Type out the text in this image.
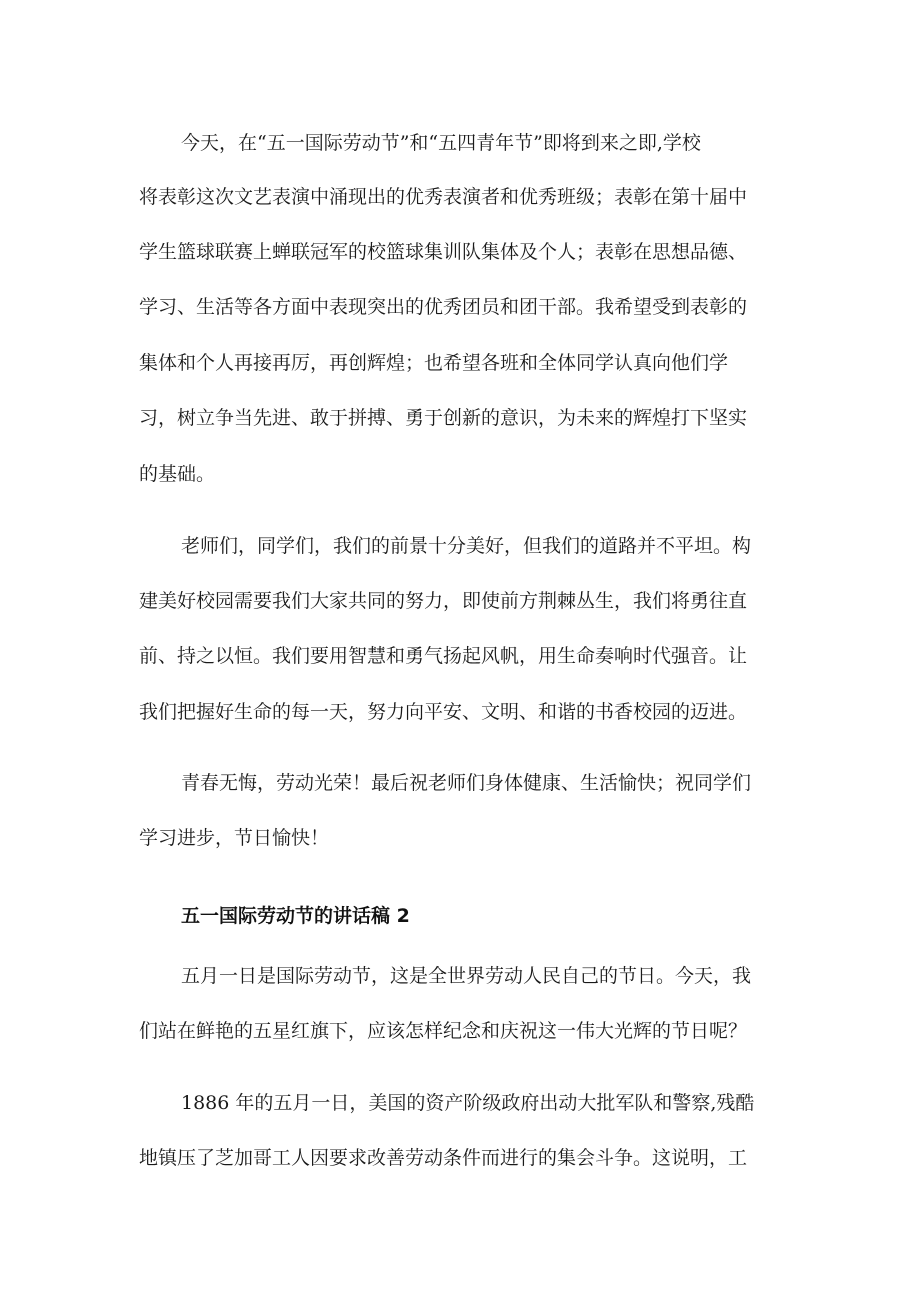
今天，在“五一国际劳动节”和“五四青年节”即将到来之即,学校
将表彰这次文艺表演中涌现出的优秀表演者和优秀班级；表彰在第十届中
学生篮球联赛上蝉联冠军的校篮球集训队集体及个人；表彰在思想品德、
学习、生活等各方面中表现突出的优秀团员和团干部。我希望受到表彰的
集体和个人再接再厉，再创辉煌；也希望各班和全体同学认真向他们学
习，树立争当先进、敢于拼搏、勇于创新的意识，为未来的辉煌打下坚实
的基础。
老师们，同学们，我们的前景十分美好，但我们的道路并不平坦。构
建美好校园需要我们大家共同的努力，即使前方荆棘丛生，我们将勇往直
前、持之以恒。我们要用智慧和勇气扬起风帆，用生命奏响时代强音。让
我们把握好生命的每一天，努力向平安、文明、和谐的书香校园的迈进。
青春无悔，劳动光荣！最后祝老师们身体健康、生活愉快；祝同学们
学习进步，节日愉快！
五一国际劳动节的讲话稿 2
五月一日是国际劳动节，这是全世界劳动人民自己的节日。今天，我
们站在鲜艳的五星红旗下，应该怎样纪念和庆祝这一伟大光辉的节日呢？
1886 年的五月一日，美国的资产阶级政府出动大批军队和警察,残酷
地镇压了芝加哥工人因要求改善劳动条件而进行的集会斗争。这说明，工
